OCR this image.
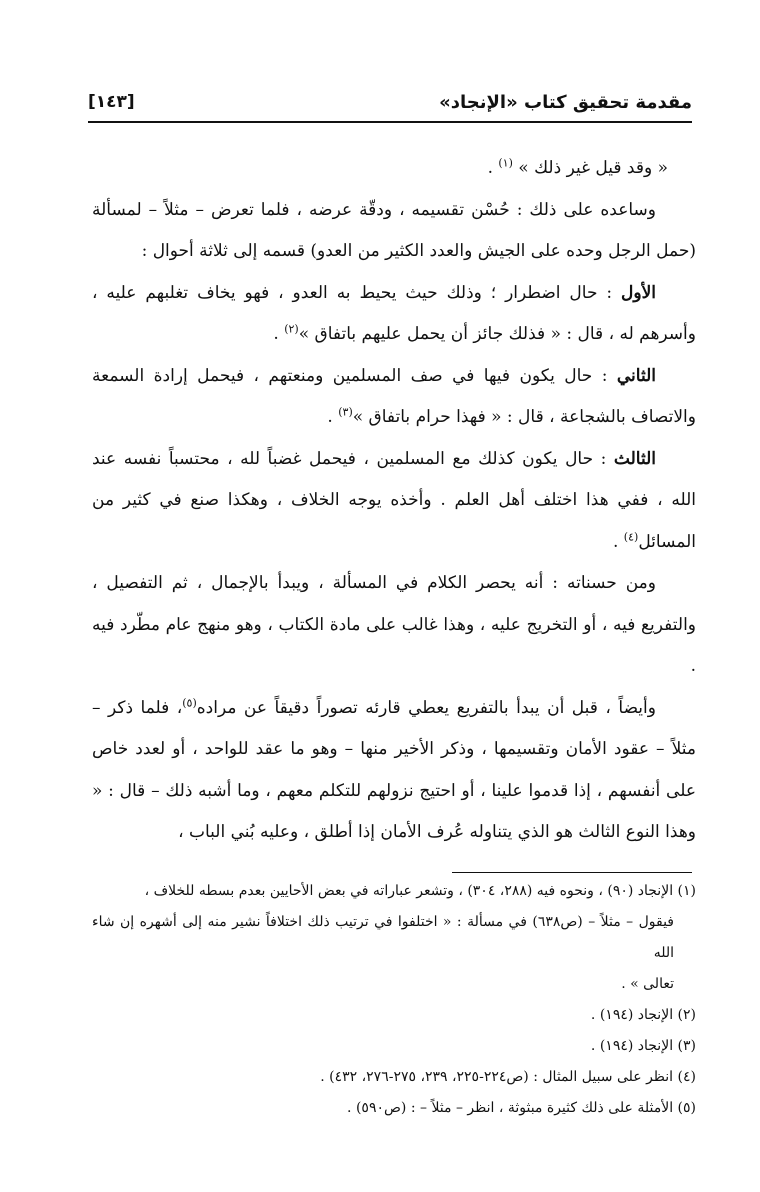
[١٤٣]	مقدمة تحقيق كتاب «الإنجاد»

« وقد قيل غير ذلك » $^{(١)}$ .

وساعده على ذلك : حُسْن تقسيمه ، ودقّة عرضه ، فلما تعرض – مثلاً – لمسألة (حمل الرجل وحده على الجيش والعدد الكثير من العدو) قسمه إلى ثلاثة أحوال :

الأول : حال اضطرار ؛ وذلك حيث يحيط به العدو ، فهو يخاف تغلبهم عليه ، وأسرهم له ، قال : « فذلك جائز أن يحمل عليهم باتفاق »$^{(٢)}$ .

الثاني : حال يكون فيها في صف المسلمين ومنعتهم ، فيحمل إرادة السمعة والاتصاف بالشجاعة ، قال : « فهذا حرام باتفاق »$^{(٣)}$ .

الثالث : حال يكون كذلك مع المسلمين ، فيحمل غضباً لله ، محتسباً نفسه عند الله ، ففي هذا اختلف أهل العلم . وأخذه يوجه الخلاف ، وهكذا صنع في كثير من المسائل$^{(٤)}$ .

ومن حسناته : أنه يحصر الكلام في المسألة ، ويبدأ بالإجمال ، ثم التفصيل ، والتفريع فيه ، أو التخريج عليه ، وهذا غالب على مادة الكتاب ، وهو منهج عام مطّرد فيه .

وأيضاً ، قبل أن يبدأ بالتفريع يعطي قارئه تصوراً دقيقاً عن مراده$^{(٥)}$، فلما ذكر – مثلاً – عقود الأمان وتقسيمها ، وذكر الأخير منها – وهو ما عقد للواحد ، أو لعدد خاص على أنفسهم ، إذا قدموا علينا ، أو احتيج نزولهم للتكلم معهم ، وما أشبه ذلك – قال : « وهذا النوع الثالث هو الذي يتناوله عُرف الأمان إذا أطلق ، وعليه بُني الباب ،

(١) الإنجاد (٩٠) ، ونحوه فيه (٢٨٨، ٣٠٤) ، وتشعر عباراته في بعض الأحايين بعدم بسطه للخلاف ،

فيقول – مثلاً – (ص٦٣٨) في مسألة : « اختلفوا في ترتيب ذلك اختلافاً نشير منه إلى أشهره إن شاء الله

تعالى » .

(٢) الإنجاد (١٩٤) .

(٣) الإنجاد (١٩٤) .

(٤) انظر على سبيل المثال : (ص٢٢٤-٢٢٥، ٢٣٩، ٢٧٥-٢٧٦، ٤٣٢) .

(٥) الأمثلة على ذلك كثيرة مبثوثة ، انظر – مثلاً – : (ص٥٩٠) .
